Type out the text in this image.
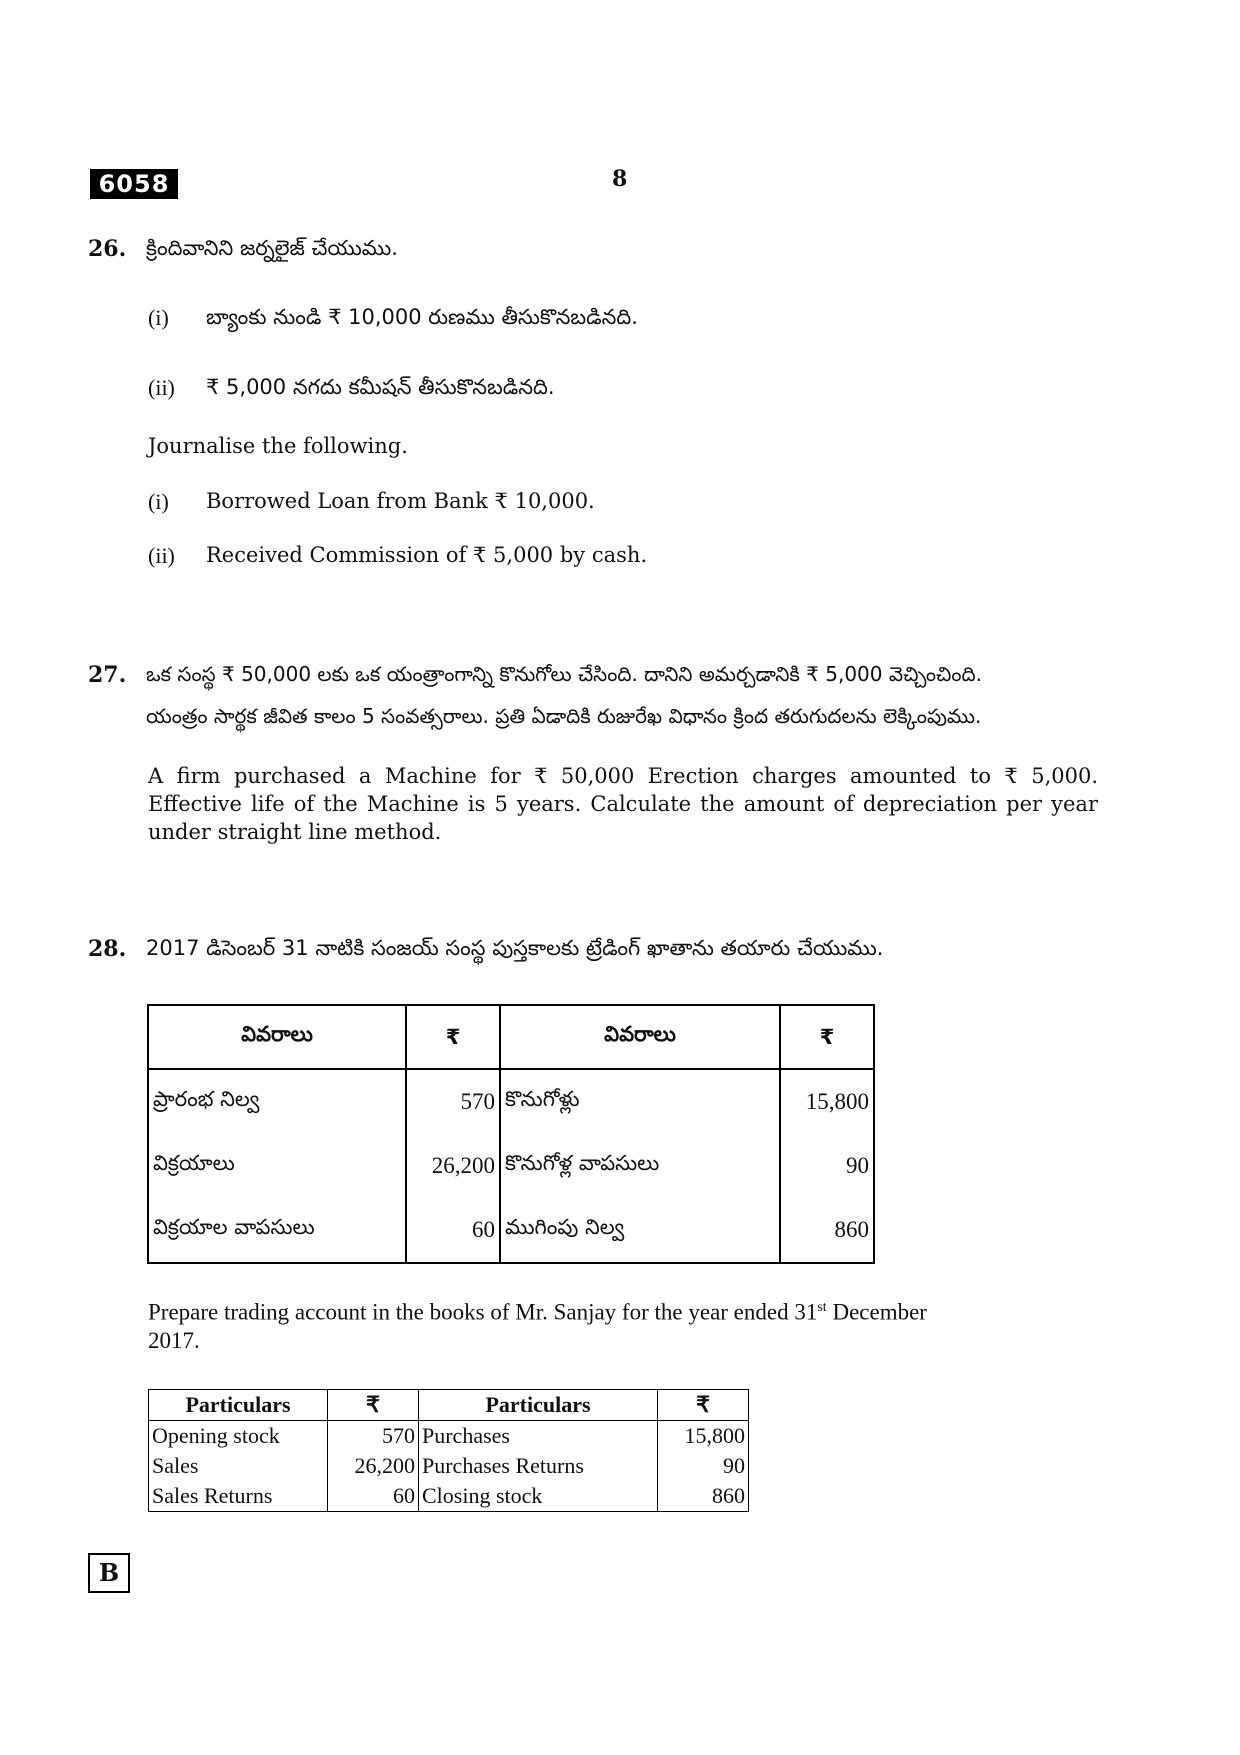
6058	8
26. క్రిందివానిని జర్నలైజ్ చేయుము.
(i) బ్యాంకు నుండి ₹ 10,000 రుణము తీసుకొనబడినది.
(ii) ₹ 5,000 నగదు కమీషన్ తీసుకొనబడినది.
Journalise the following.
(i) Borrowed Loan from Bank ₹ 10,000.
(ii) Received Commission of ₹ 5,000 by cash.
27. ఒక సంస్థ ₹ 50,000 లకు ఒక యంత్రాంగాన్ని కొనుగోలు చేసింది. దానిని అమర్చడానికి ₹ 5,000 వెచ్చించింది.
యంత్రం సార్థక జీవిత కాలం 5 సంవత్సరాలు. ప్రతి ఏడాదికి రుజురేఖ విధానం క్రింద తరుగుదలను లెక్కింపుము.
A firm purchased a Machine for ₹ 50,000 Erection charges amounted to ₹ 5,000. Effective life of the Machine is 5 years. Calculate the amount of depreciation per year under straight line method.
28. 2017 డిసెంబర్ 31 నాటికి సంజయ్ సంస్థ పుస్తకాలకు ట్రేడింగ్ ఖాతాను తయారు చేయుము.
వివరాలు	₹	వివరాలు	₹
ప్రారంభ నిల్వ	570	కొనుగోళ్లు	15,800
విక్రయాలు	26,200	కొనుగోళ్ల వాపసులు	90
విక్రయాల వాపసులు	60	ముగింపు నిల్వ	860
Prepare trading account in the books of Mr. Sanjay for the year ended 31st December
2017.
Particulars	₹	Particulars	₹
Opening stock	570	Purchases	15,800
Sales	26,200	Purchases Returns	90
Sales Returns	60	Closing stock	860
B
